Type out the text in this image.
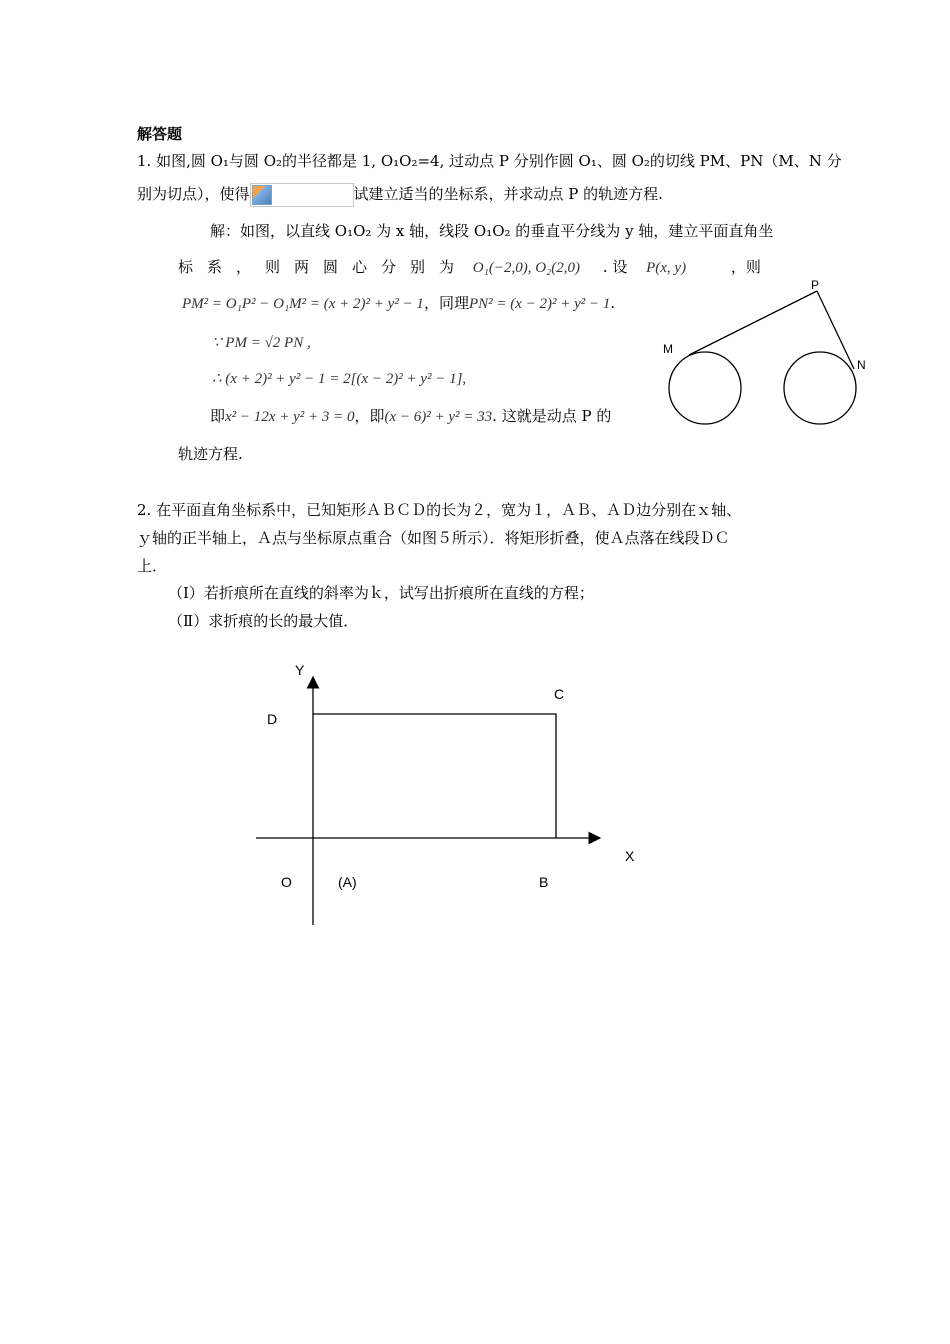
解答题
1. 如图,圆 O₁与圆 O₂的半径都是 1, O₁O₂=4, 过动点 P 分别作圆 O₁、圆 O₂的切线 PM、PN（M、N 分
别为切点），使得	试建立适当的坐标系，并求动点 P 的轨迹方程.
解：如图，以直线 O₁O₂ 为 x 轴，线段 O₁O₂ 的垂直平分线为 y 轴，建立平面直角坐
标系，则两圆心分别为 O₁(−2,0), O₂(2,0) . 设 P(x, y)	，则
PM² = O₁P² − O₁M² = (x + 2)² + y² − 1，同理PN² = (x − 2)² + y² − 1.
∵ PM = √2 PN ,
∴ (x + 2)² + y² − 1 = 2[(x − 2)² + y² − 1],
即x² − 12x + y² + 3 = 0，即(x − 6)² + y² = 33. 这就是动点 P 的
轨迹方程.
P
M
N
2. 在平面直角坐标系中，已知矩形ＡＢＣＤ的长为２，宽为１，ＡＢ、ＡＤ边分别在ｘ轴、
ｙ轴的正半轴上，Ａ点与坐标原点重合（如图５所示）．将矩形折叠，使Ａ点落在线段ＤＣ
上．
（Ⅰ）若折痕所在直线的斜率为ｋ，试写出折痕所在直线的方程；
（Ⅱ）求折痕的长的最大值．
Y
X
C
D
O	(A)	B
